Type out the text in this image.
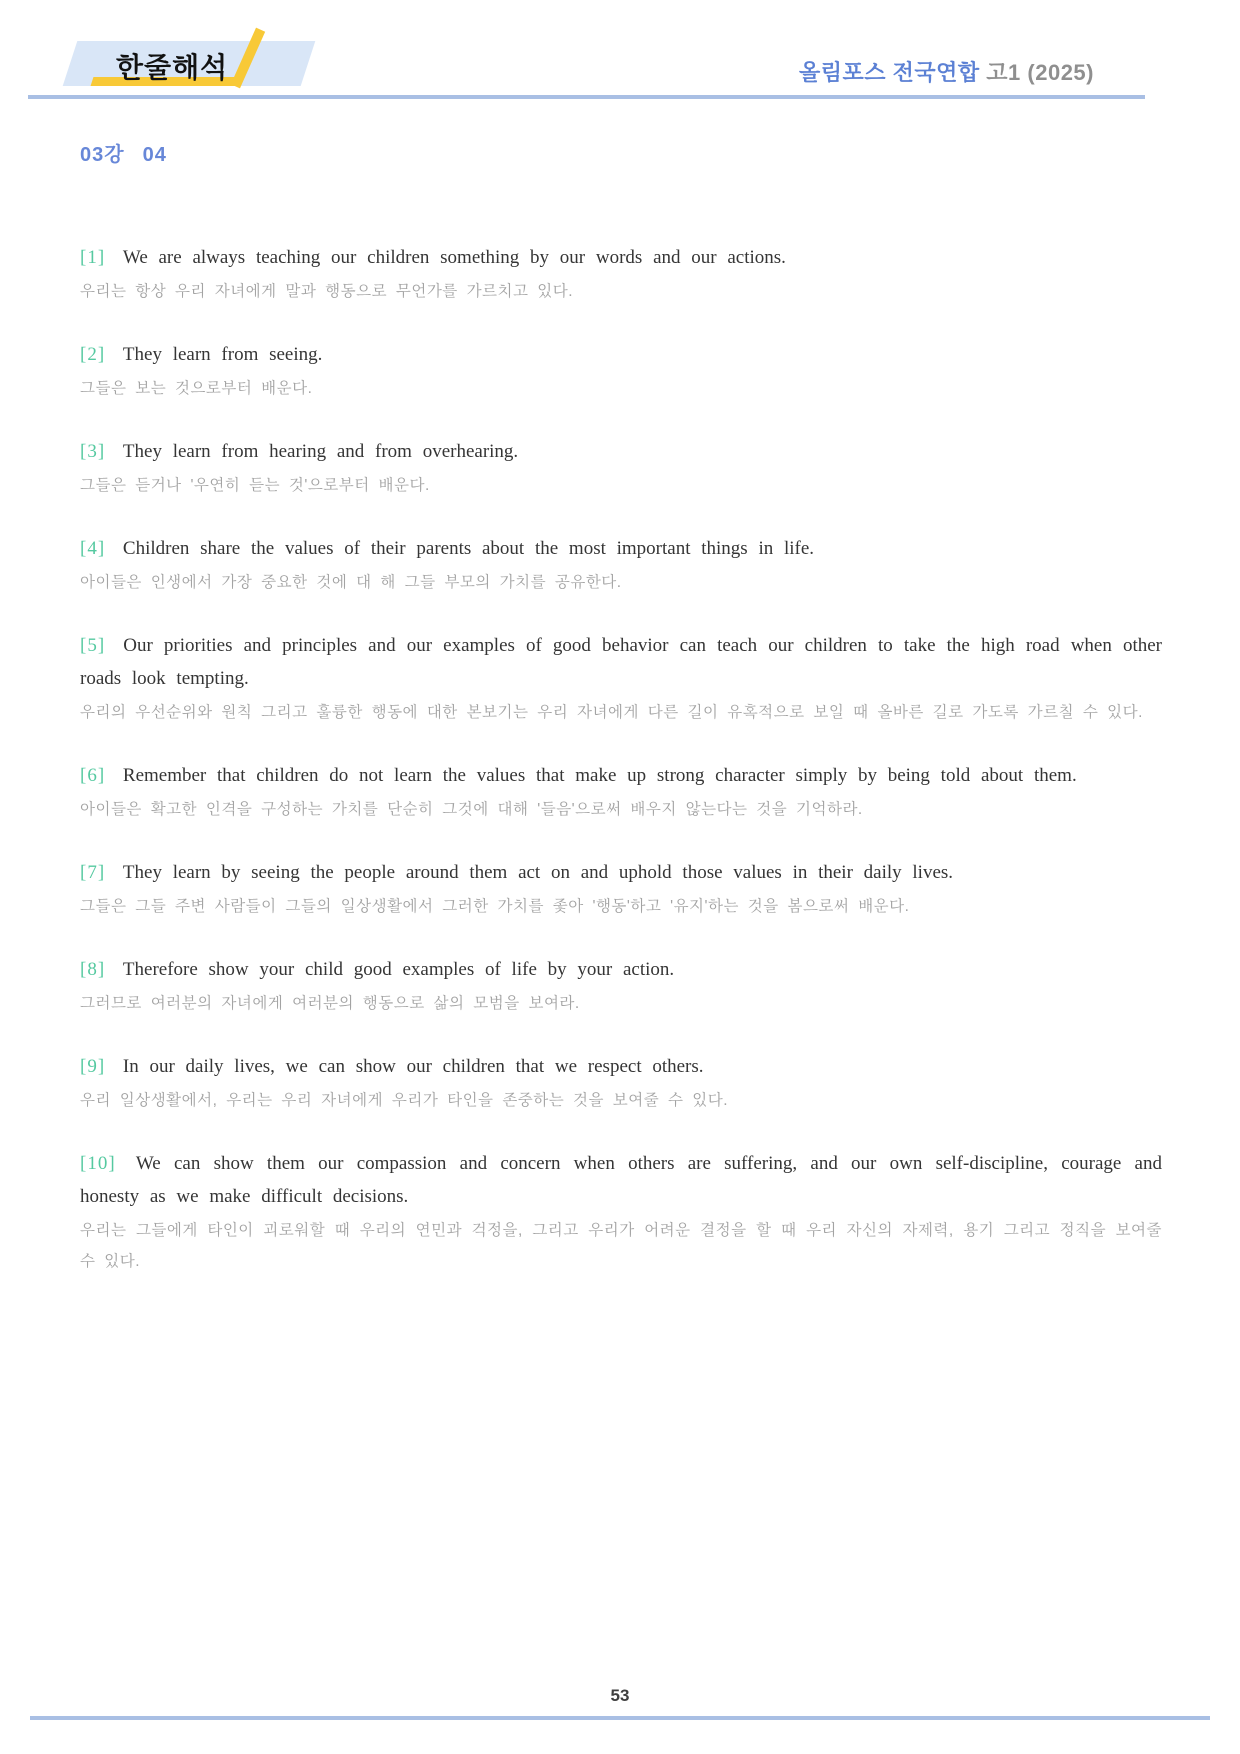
한줄해석	올림포스 전국연합 고1 (2025)
03강 04

[1] We are always teaching our children something by our words and our actions.

우리는 항상 우리 자녀에게 말과 행동으로 무언가를 가르치고 있다.

[2] They learn from seeing.

그들은 보는 것으로부터 배운다.

[3] They learn from hearing and from overhearing.

그들은 듣거나 '우연히 듣는 것'으로부터 배운다.

[4] Children share the values of their parents about the most important things in life.

아이들은 인생에서 가장 중요한 것에 대 해 그들 부모의 가치를 공유한다.

[5] Our priorities and principles and our examples of good behavior can teach our children to take the high road when other roads look tempting.

우리의 우선순위와 원칙 그리고 훌륭한 행동에 대한 본보기는 우리 자녀에게 다른 길이 유혹적으로 보일 때 올바른 길로 가도록 가르칠 수 있다.

[6] Remember that children do not learn the values that make up strong character simply by being told about them.

아이들은 확고한 인격을 구성하는 가치를 단순히 그것에 대해 '들음'으로써 배우지 않는다는 것을 기억하라.

[7] They learn by seeing the people around them act on and uphold those values in their daily lives.

그들은 그들 주변 사람들이 그들의 일상생활에서 그러한 가치를 좇아 '행동'하고 '유지'하는 것을 봄으로써 배운다.

[8] Therefore show your child good examples of life by your action.

그러므로 여러분의 자녀에게 여러분의 행동으로 삶의 모범을 보여라.

[9] In our daily lives, we can show our children that we respect others.

우리 일상생활에서, 우리는 우리 자녀에게 우리가 타인을 존중하는 것을 보여줄 수 있다.

[10] We can show them our compassion and concern when others are suffering, and our own self-discipline, courage and honesty as we make difficult decisions.

우리는 그들에게 타인이 괴로워할 때 우리의 연민과 걱정을, 그리고 우리가 어려운 결정을 할 때 우리 자신의 자제력, 용기 그리고 정직을 보여줄 수 있다.

53
